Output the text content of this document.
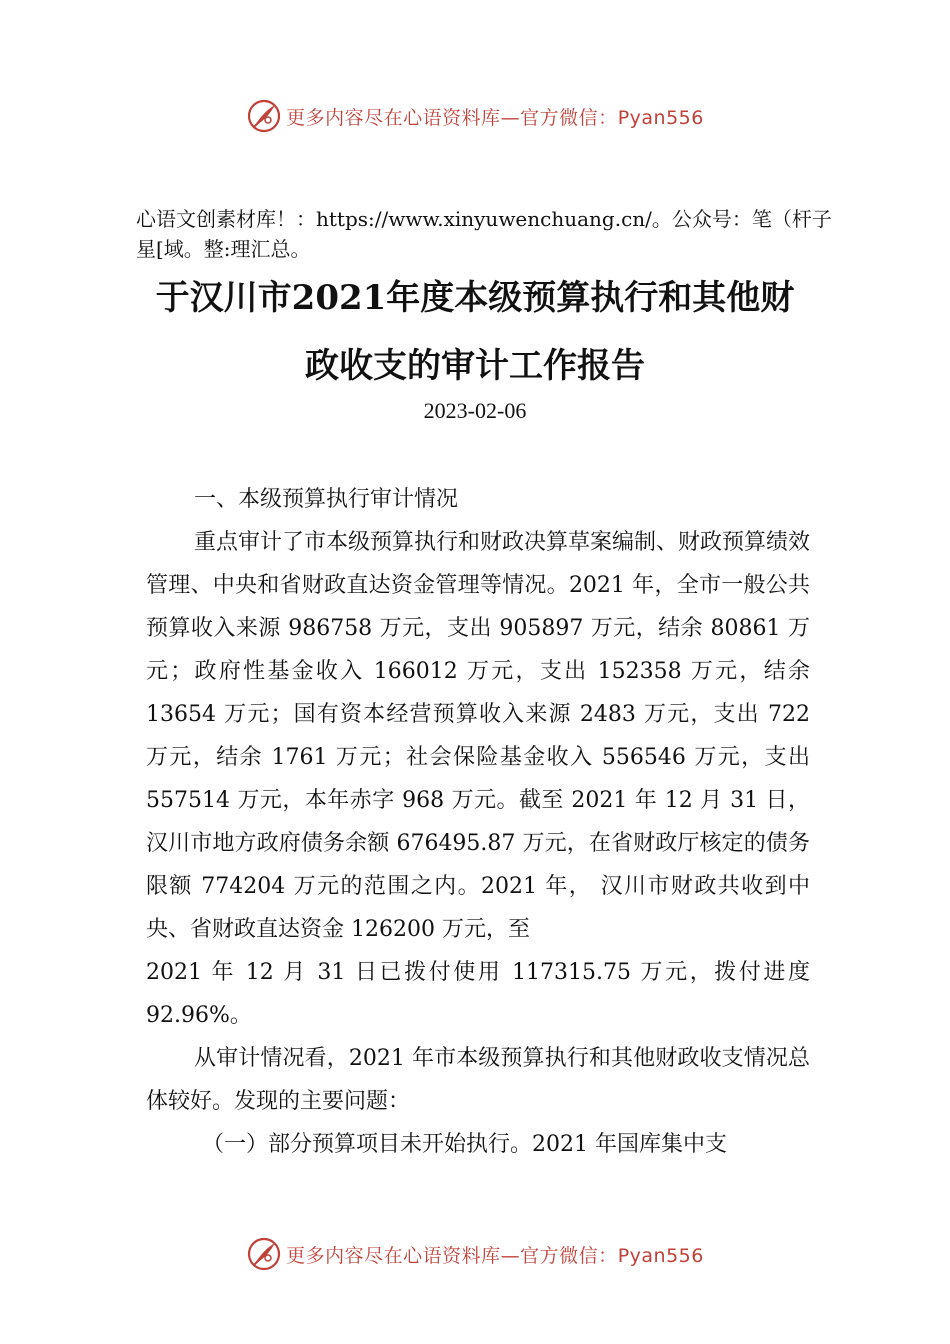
更多内容尽在心语资料库—官方微信：Pyan556
心语文创素材库！：https://www.xinyuwenchuang.cn/。公众号：笔（杆子星[域。整:理汇总。
于汉川市2021年度本级预算执行和其他财
政收支的审计工作报告
2023-02-06

一、本级预算执行审计情况

重点审计了市本级预算执行和财政决算草案编制、财政预算绩效管理、中央和省财政直达资金管理等情况。2021 年，全市一般公共预算收入来源 986758 万元，支出 905897 万元，结余 80861 万元；政府性基金收入 166012 万元，支出 152358 万元，结余 13654 万元；国有资本经营预算收入来源 2483 万元，支出 722 万元，结余 1761 万元；社会保险基金收入 556546 万元，支出 557514 万元，本年赤字 968 万元。截至 2021 年 12 月 31 日，汉川市地方政府债务余额 676495.87 万元，在省财政厅核定的债务限额 774204 万元的范围之内。2021 年， 汉川市财政共收到中央、省财政直达资金 126200 万元，至

2021 年 12 月 31 日已拨付使用 117315.75 万元，拨付进度 92.96%。

从审计情况看，2021 年市本级预算执行和其他财政收支情况总体较好。发现的主要问题：

（一）部分预算项目未开始执行。2021 年国库集中支

更多内容尽在心语资料库—官方微信：Pyan556
